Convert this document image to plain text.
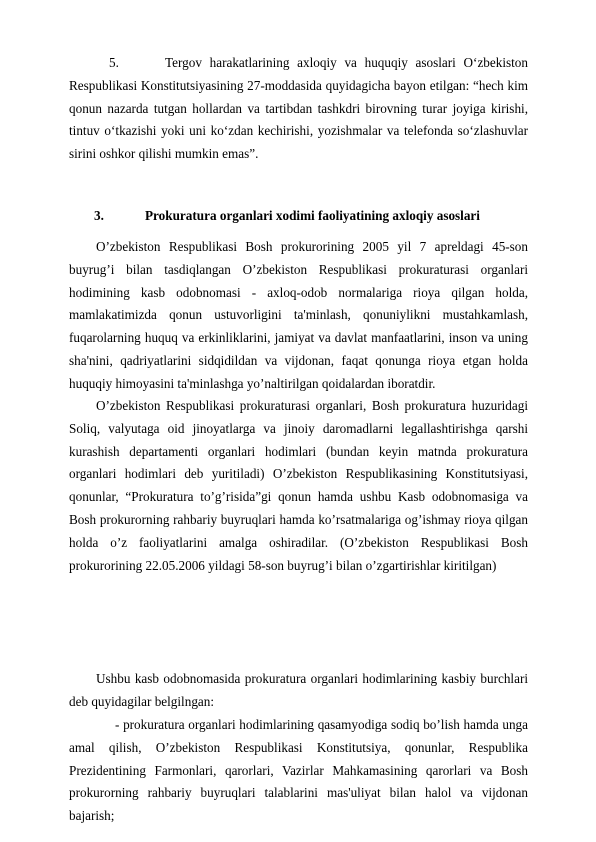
5.	Tergov harakatlarining axloqiy va huquqiy asoslari O‘zbekiston Respublikasi Konstitutsiyasining 27-moddasida quyidagicha bayon etilgan: “hech kim qonun nazarda tutgan hollardan va tartibdan tashkdri birovning turar joyiga kirishi, tintuv o‘tkazishi yoki uni ko‘zdan kechirishi, yozishmalar va telefonda so‘zlashuvlar sirini oshkor qilishi mumkin emas”.

3.	Prokuratura organlari xodimi faoliyatining axloqiy asoslari

O’zbekiston Respublikasi Bosh prokurorining 2005 yil 7 apreldagi 45-son buyrug’i bilan tasdiqlangan O’zbekiston Respublikasi prokuraturasi organlari hodimining kasb odobnomasi - axloq-odob normalariga rioya qilgan holda, mamlakatimizda qonun ustuvorligini ta'minlash, qonuniylikni mustahkamlash, fuqarolarning huquq va erkinliklarini, jamiyat va davlat manfaatlarini, inson va uning sha'nini, qadriyatlarini sidqidildan va vijdonan, faqat qonunga rioya etgan holda huquqiy himoyasini ta'minlashga yo’naltirilgan qoidalardan iboratdir.

O’zbekiston Respublikasi prokuraturasi organlari, Bosh prokuratura huzuridagi Soliq, valyutaga oid jinoyatlarga va jinoiy daromadlarni legallashtirishga qarshi kurashish departamenti organlari hodimlari (bundan keyin matnda prokuratura organlari hodimlari deb yuritiladi) O’zbekiston Respublikasining Konstitutsiyasi, qonunlar, “Prokuratura to’g’risida”gi qonun hamda ushbu Kasb odobnomasiga va Bosh prokurorning rahbariy buyruqlari hamda ko’rsatmalariga og’ishmay rioya qilgan holda o’z faoliyatlarini amalga oshiradilar. (O’zbekiston Respublikasi Bosh prokurorining 22.05.2006 yildagi 58-son buyrug’i bilan o’zgartirishlar kiritilgan)

Ushbu kasb odobnomasida prokuratura organlari hodimlarining kasbiy burchlari deb quyidagilar belgilngan:

- prokuratura organlari hodimlarining qasamyodiga sodiq bo’lish hamda unga amal qilish, O’zbekiston Respublikasi Konstitutsiya, qonunlar, Respublika Prezidentining Farmonlari, qarorlari, Vazirlar Mahkamasining qarorlari va Bosh prokurorning rahbariy buyruqlari talablarini mas'uliyat bilan halol va vijdonan bajarish;
